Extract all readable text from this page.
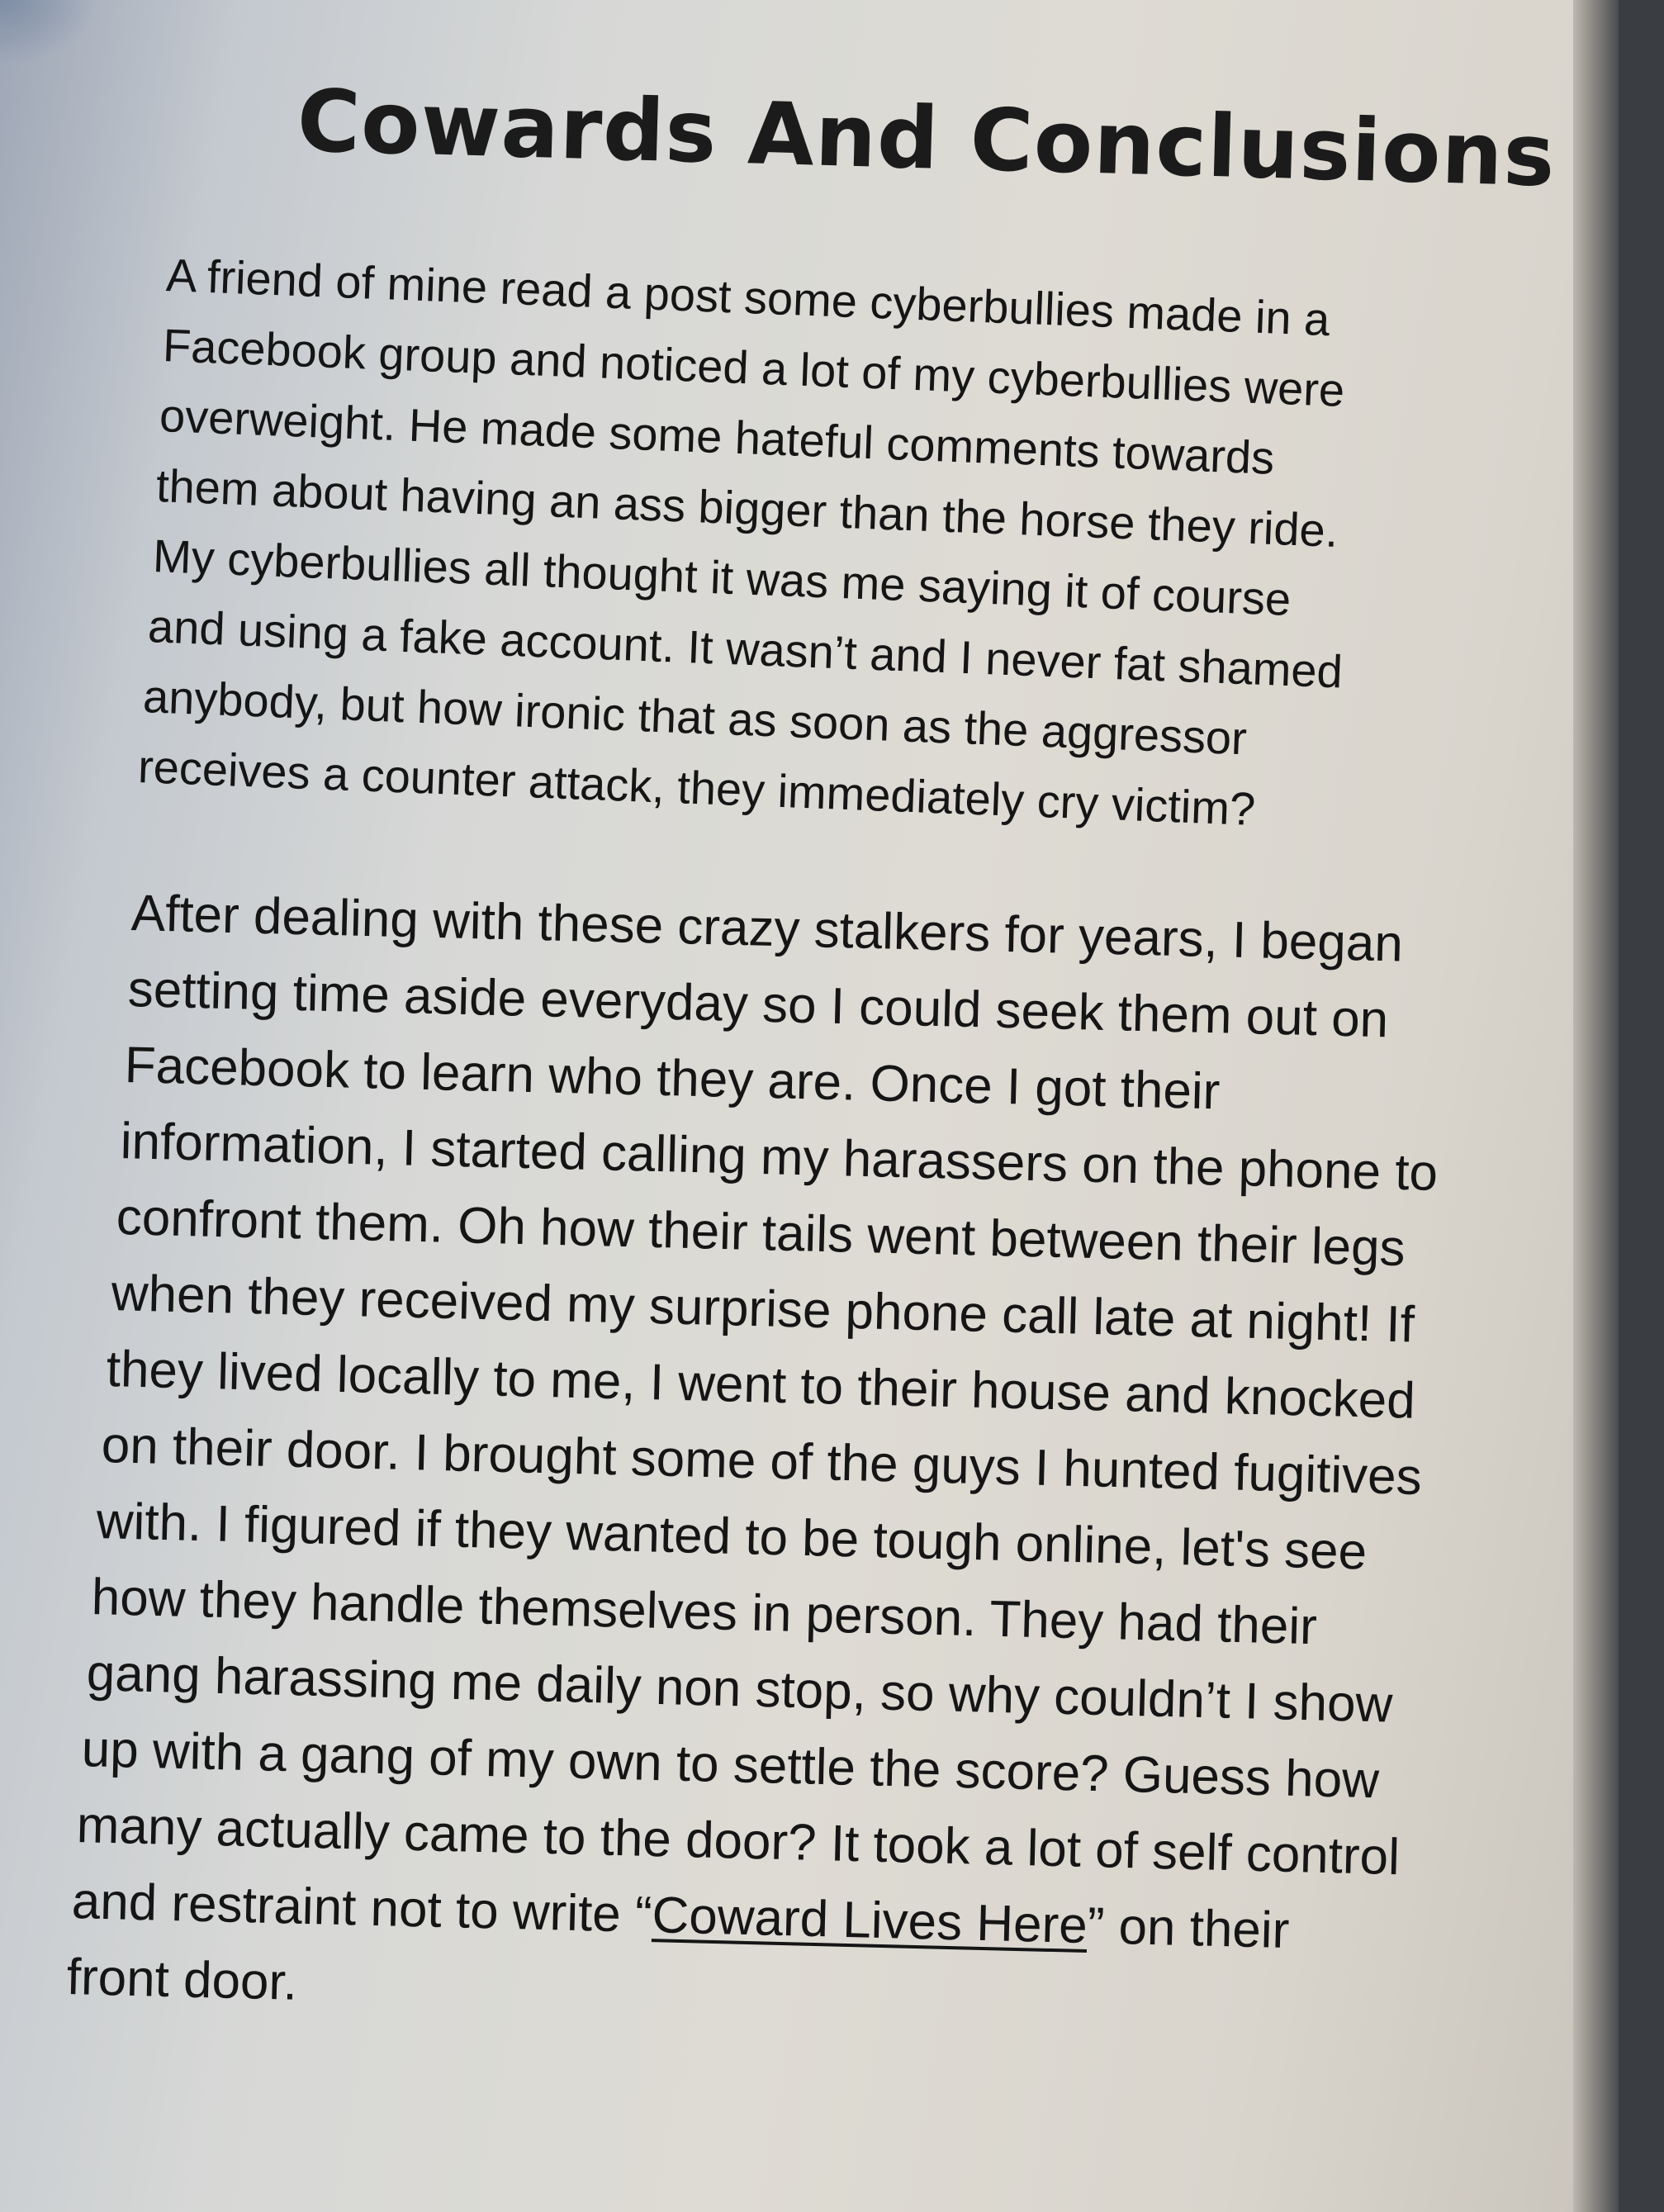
Cowards And Conclusions
A friend of mine read a post some cyberbullies made in a
Facebook group and noticed a lot of my cyberbullies were
overweight. He made some hateful comments towards
them about having an ass bigger than the horse they ride.
My cyberbullies all thought it was me saying it of course
and using a fake account. It wasn’t and I never fat shamed
anybody, but how ironic that as soon as the aggressor
receives a counter attack, they immediately cry victim?
After dealing with these crazy stalkers for years, I began
setting time aside everyday so I could seek them out on
Facebook to learn who they are. Once I got their
information, I started calling my harassers on the phone to
confront them. Oh how their tails went between their legs
when they received my surprise phone call late at night! If
they lived locally to me, I went to their house and knocked
on their door. I brought some of the guys I hunted fugitives
with. I figured if they wanted to be tough online, let's see
how they handle themselves in person. They had their
gang harassing me daily non stop, so why couldn’t I show
up with a gang of my own to settle the score? Guess how
many actually came to the door? It took a lot of self control
and restraint not to write “Coward Lives Here” on their
front door.
